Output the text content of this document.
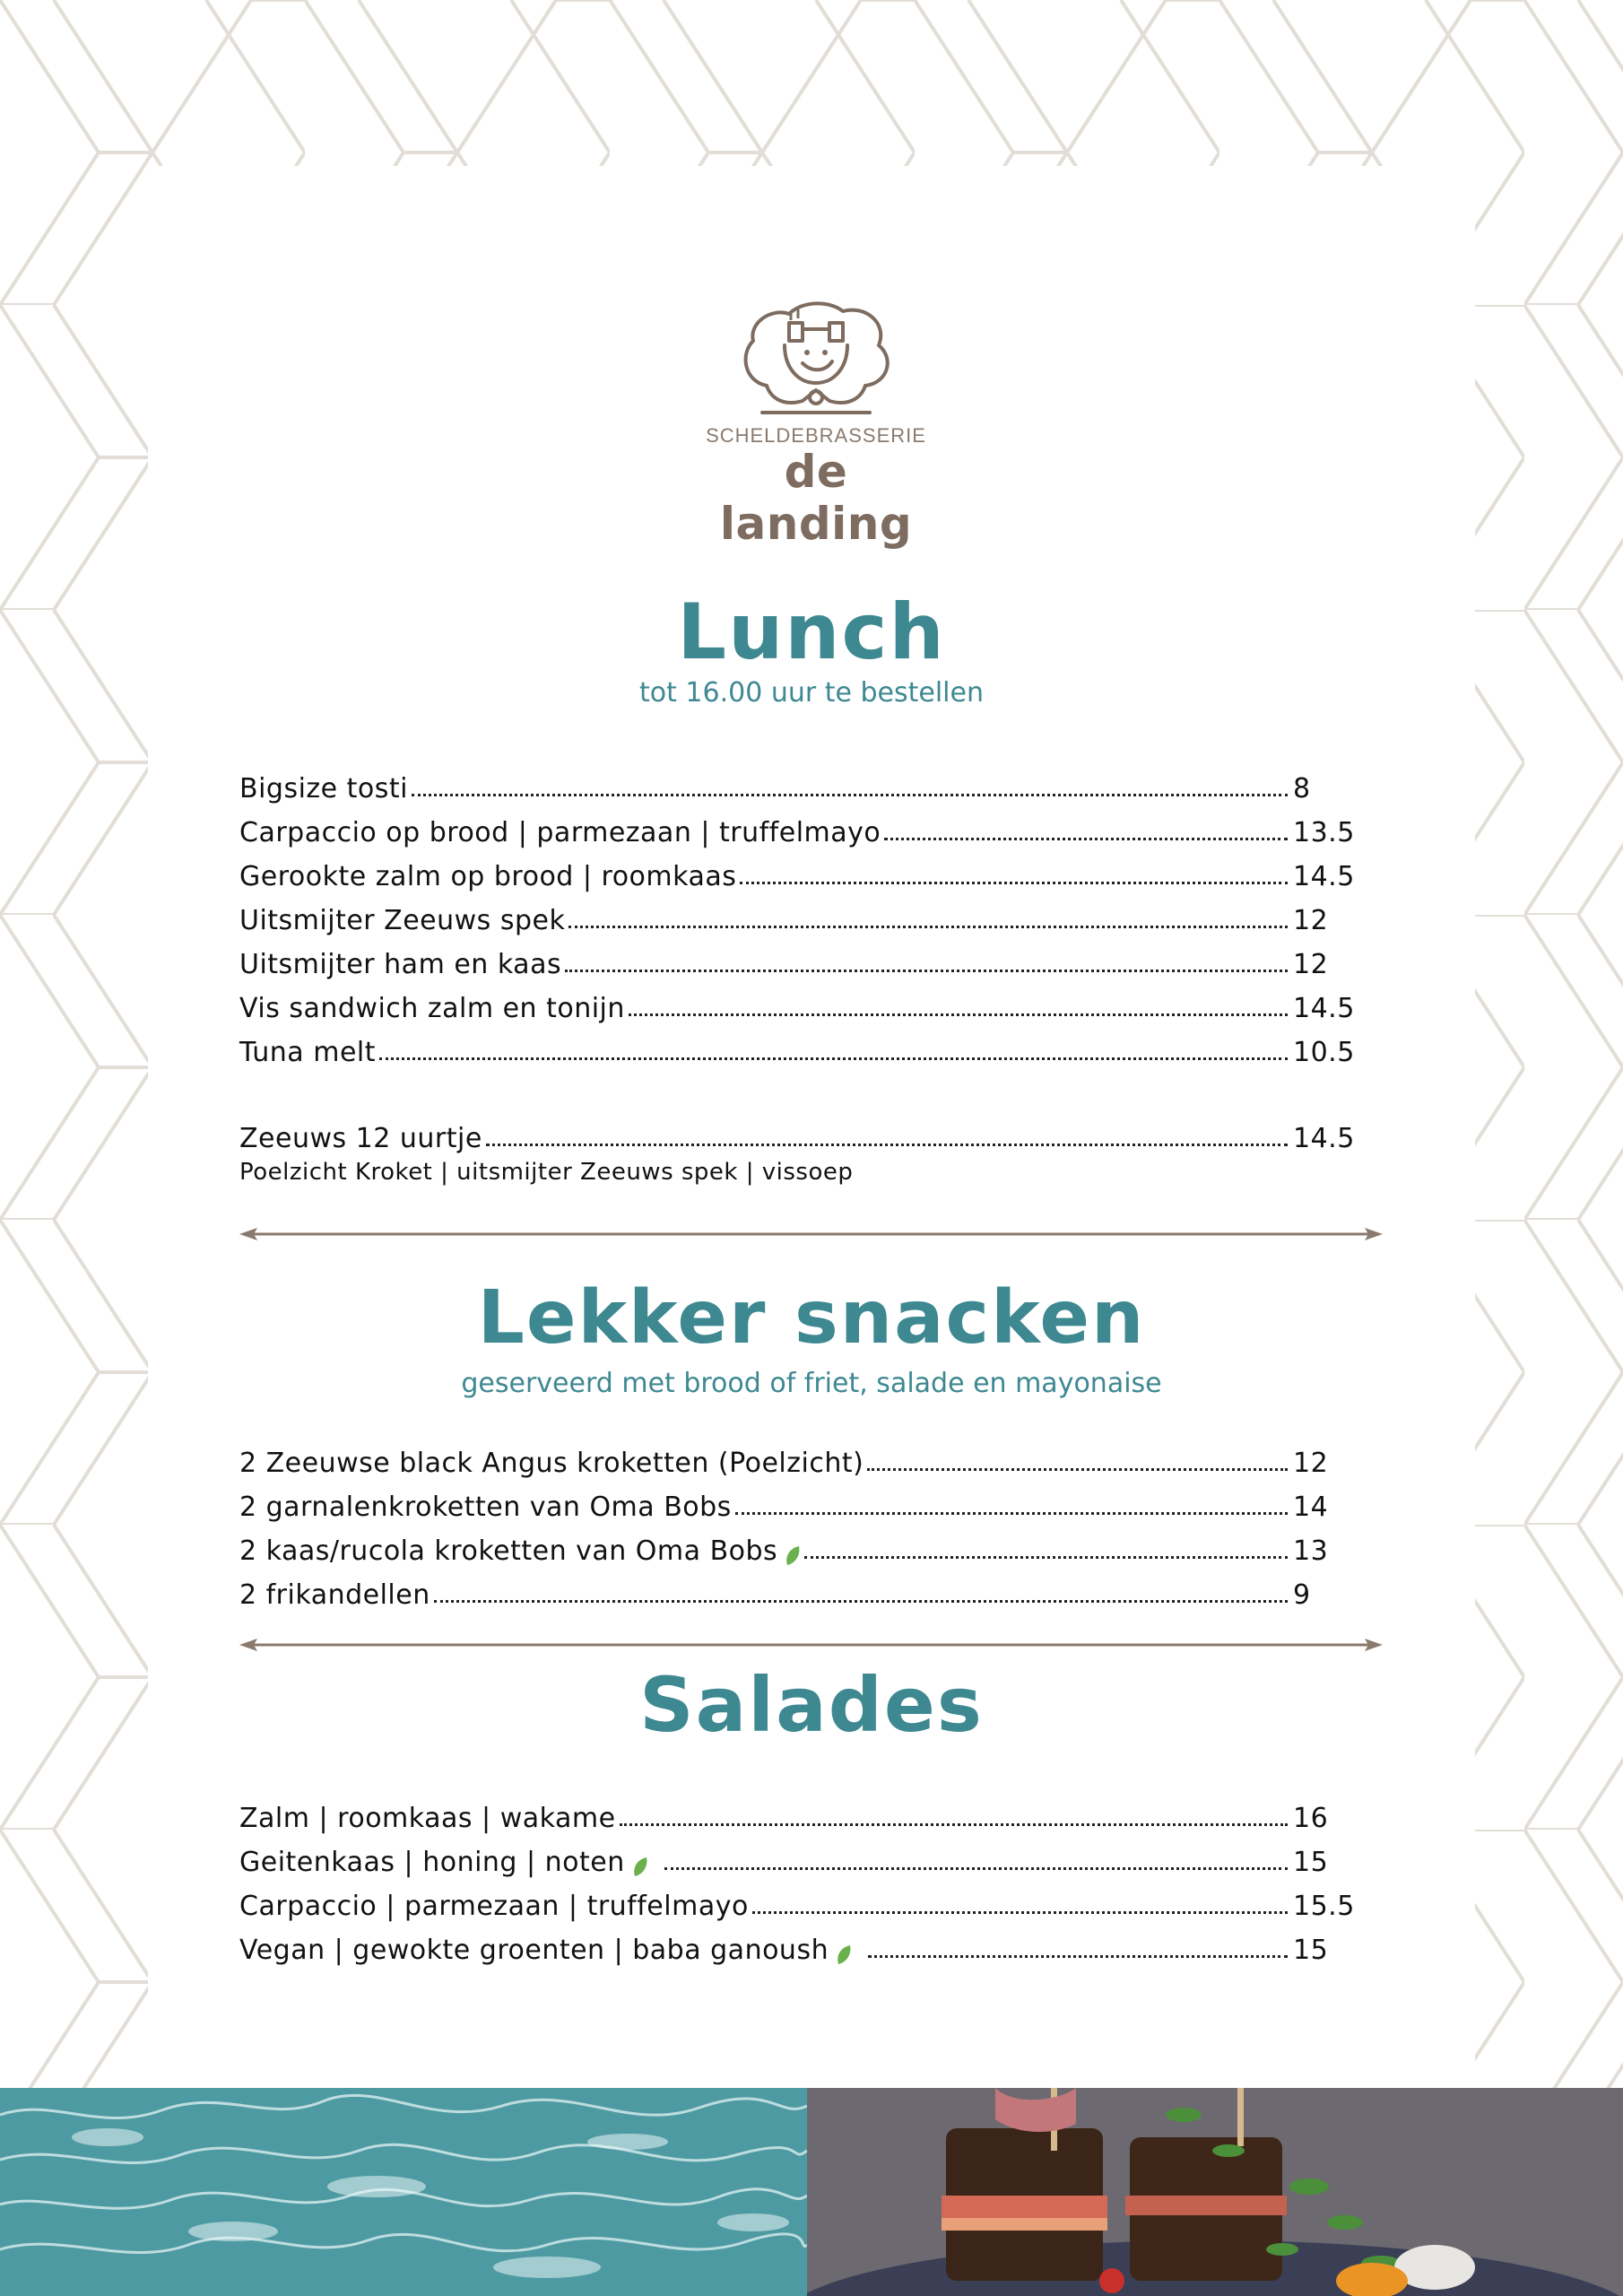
SCHELDEBRASSERIE
de landing
Lunch
tot 16.00 uur te bestellen
Bigsize tosti	8
Carpaccio op brood | parmezaan | truffelmayo	13.5
Gerookte zalm op brood | roomkaas	14.5
Uitsmijter Zeeuws spek	12
Uitsmijter ham en kaas	12
Vis sandwich zalm en tonijn	14.5
Tuna melt	10.5
Zeeuws 12 uurtje	14.5
Poelzicht Kroket | uitsmijter Zeeuws spek | vissoep
Lekker snacken
geserveerd met brood of friet, salade en mayonaise
2 Zeeuwse black Angus kroketten (Poelzicht)	12
2 garnalenkroketten van Oma Bobs	14
2 kaas/rucola kroketten van Oma Bobs	13
2 frikandellen	9
Salades
Zalm | roomkaas | wakame	16
Geitenkaas | honing | noten	15
Carpaccio | parmezaan | truffelmayo	15.5
Vegan | gewokte groenten | baba ganoush	15
